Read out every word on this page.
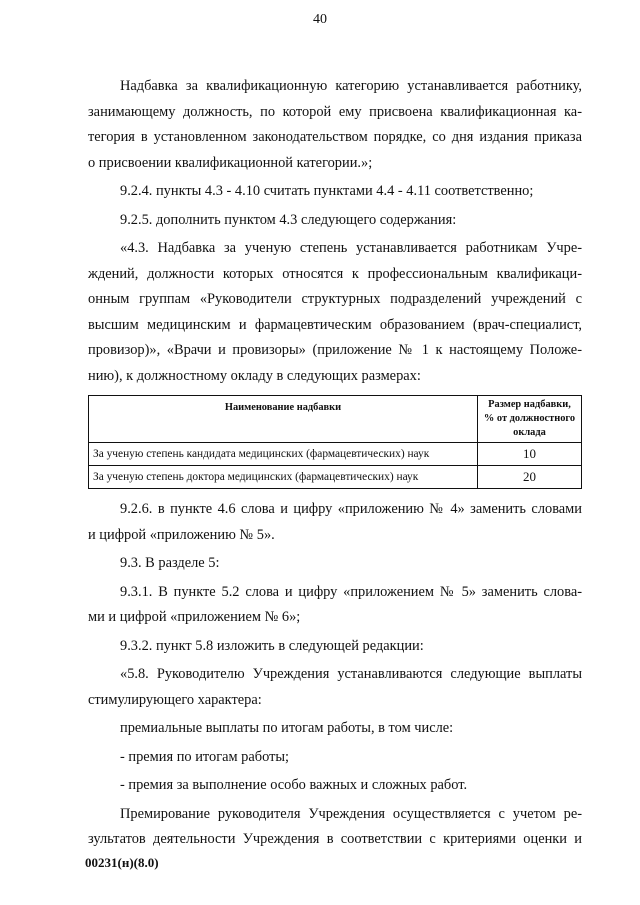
40

Надбавка за квалификационную категорию устанавливается работнику,

занимающему должность, по которой ему присвоена квалификационная ка-

тегория в установленном законодательством порядке, со дня издания приказа

о присвоении квалификационной категории.»;

9.2.4. пункты 4.3 - 4.10 считать пунктами 4.4 - 4.11 соответственно;

9.2.5. дополнить пунктом 4.3 следующего содержания:

«4.3. Надбавка за ученую степень устанавливается работникам Учре-

ждений, должности которых относятся к профессиональным квалификаци-

онным группам «Руководители структурных подразделений учреждений с

высшим медицинским и фармацевтическим образованием (врач-специалист,

провизор)», «Врачи и провизоры» (приложение № 1 к настоящему Положе-

нию), к должностному окладу в следующих размерах:

Наименование надбавки	Размер надбавки, % от должностного оклада
За ученую степень кандидата медицинских (фармацевтических) наук	10
За ученую степень доктора медицинских (фармацевтических) наук	20

9.2.6. в пункте 4.6 слова и цифру «приложению № 4» заменить словами

и цифрой «приложению № 5».

9.3. В разделе 5:

9.3.1. В пункте 5.2 слова и цифру «приложением № 5» заменить слова-

ми и цифрой «приложением № 6»;

9.3.2. пункт 5.8 изложить в следующей редакции:

«5.8. Руководителю Учреждения устанавливаются следующие выплаты

стимулирующего характера:

премиальные выплаты по итогам работы, в том числе:

- премия по итогам работы;

- премия за выполнение особо важных и сложных работ.

Премирование руководителя Учреждения осуществляется с учетом ре-

зультатов деятельности Учреждения в соответствии с критериями оценки и

00231(н)(8.0)
